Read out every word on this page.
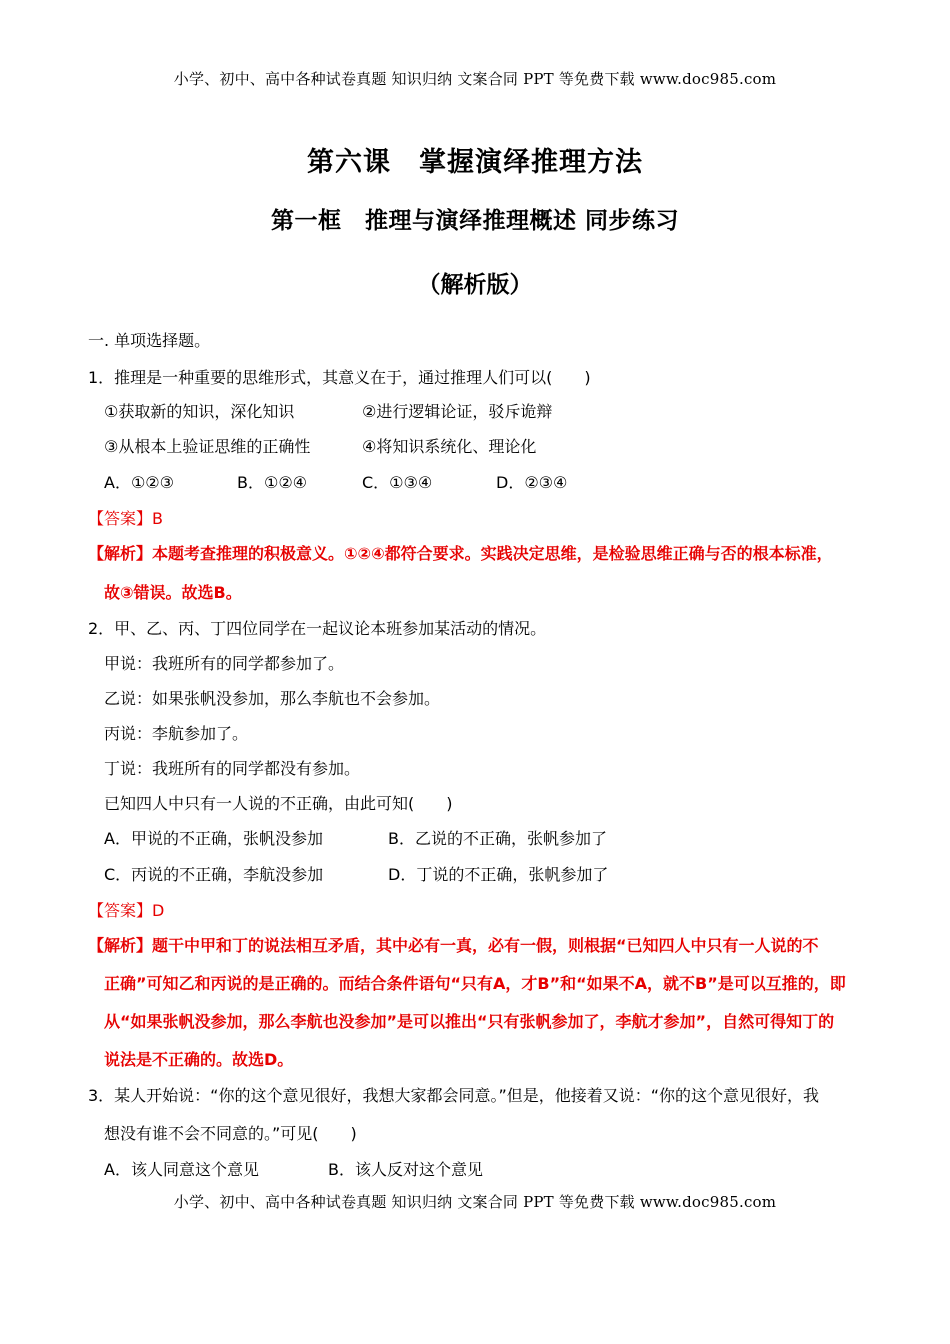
小学、初中、高中各种试卷真题 知识归纳 文案合同 PPT 等免费下载 www.doc985.com
第六课　掌握演绎推理方法
第一框　推理与演绎推理概述 同步练习
（解析版）
一. 单项选择题。
1．推理是一种重要的思维形式，其意义在于，通过推理人们可以(　　)
①获取新的知识，深化知识	②进行逻辑论证，驳斥诡辩
③从根本上验证思维的正确性	④将知识系统化、理论化
A．①②③	B．①②④	C．①③④	D．②③④
【答案】B
【解析】本题考查推理的积极意义。①②④都符合要求。实践决定思维，是检验思维正确与否的根本标准，
故③错误。故选B。
2．甲、乙、丙、丁四位同学在一起议论本班参加某活动的情况。
甲说：我班所有的同学都参加了。
乙说：如果张帆没参加，那么李航也不会参加。
丙说：李航参加了。
丁说：我班所有的同学都没有参加。
已知四人中只有一人说的不正确，由此可知(　　)
A．甲说的不正确，张帆没参加	B．乙说的不正确，张帆参加了
C．丙说的不正确，李航没参加	D．丁说的不正确，张帆参加了
【答案】D
【解析】题干中甲和丁的说法相互矛盾，其中必有一真，必有一假，则根据“已知四人中只有一人说的不
正确”可知乙和丙说的是正确的。而结合条件语句“只有A，才B”和“如果不A，就不B”是可以互推的，即
从“如果张帆没参加，那么李航也没参加”是可以推出“只有张帆参加了，李航才参加”，自然可得知丁的
说法是不正确的。故选D。
3．某人开始说：“你的这个意见很好，我想大家都会同意。”但是，他接着又说：“你的这个意见很好，我
想没有谁不会不同意的。”可见(　　)
A．该人同意这个意见	B．该人反对这个意见
小学、初中、高中各种试卷真题 知识归纳 文案合同 PPT 等免费下载 www.doc985.com
